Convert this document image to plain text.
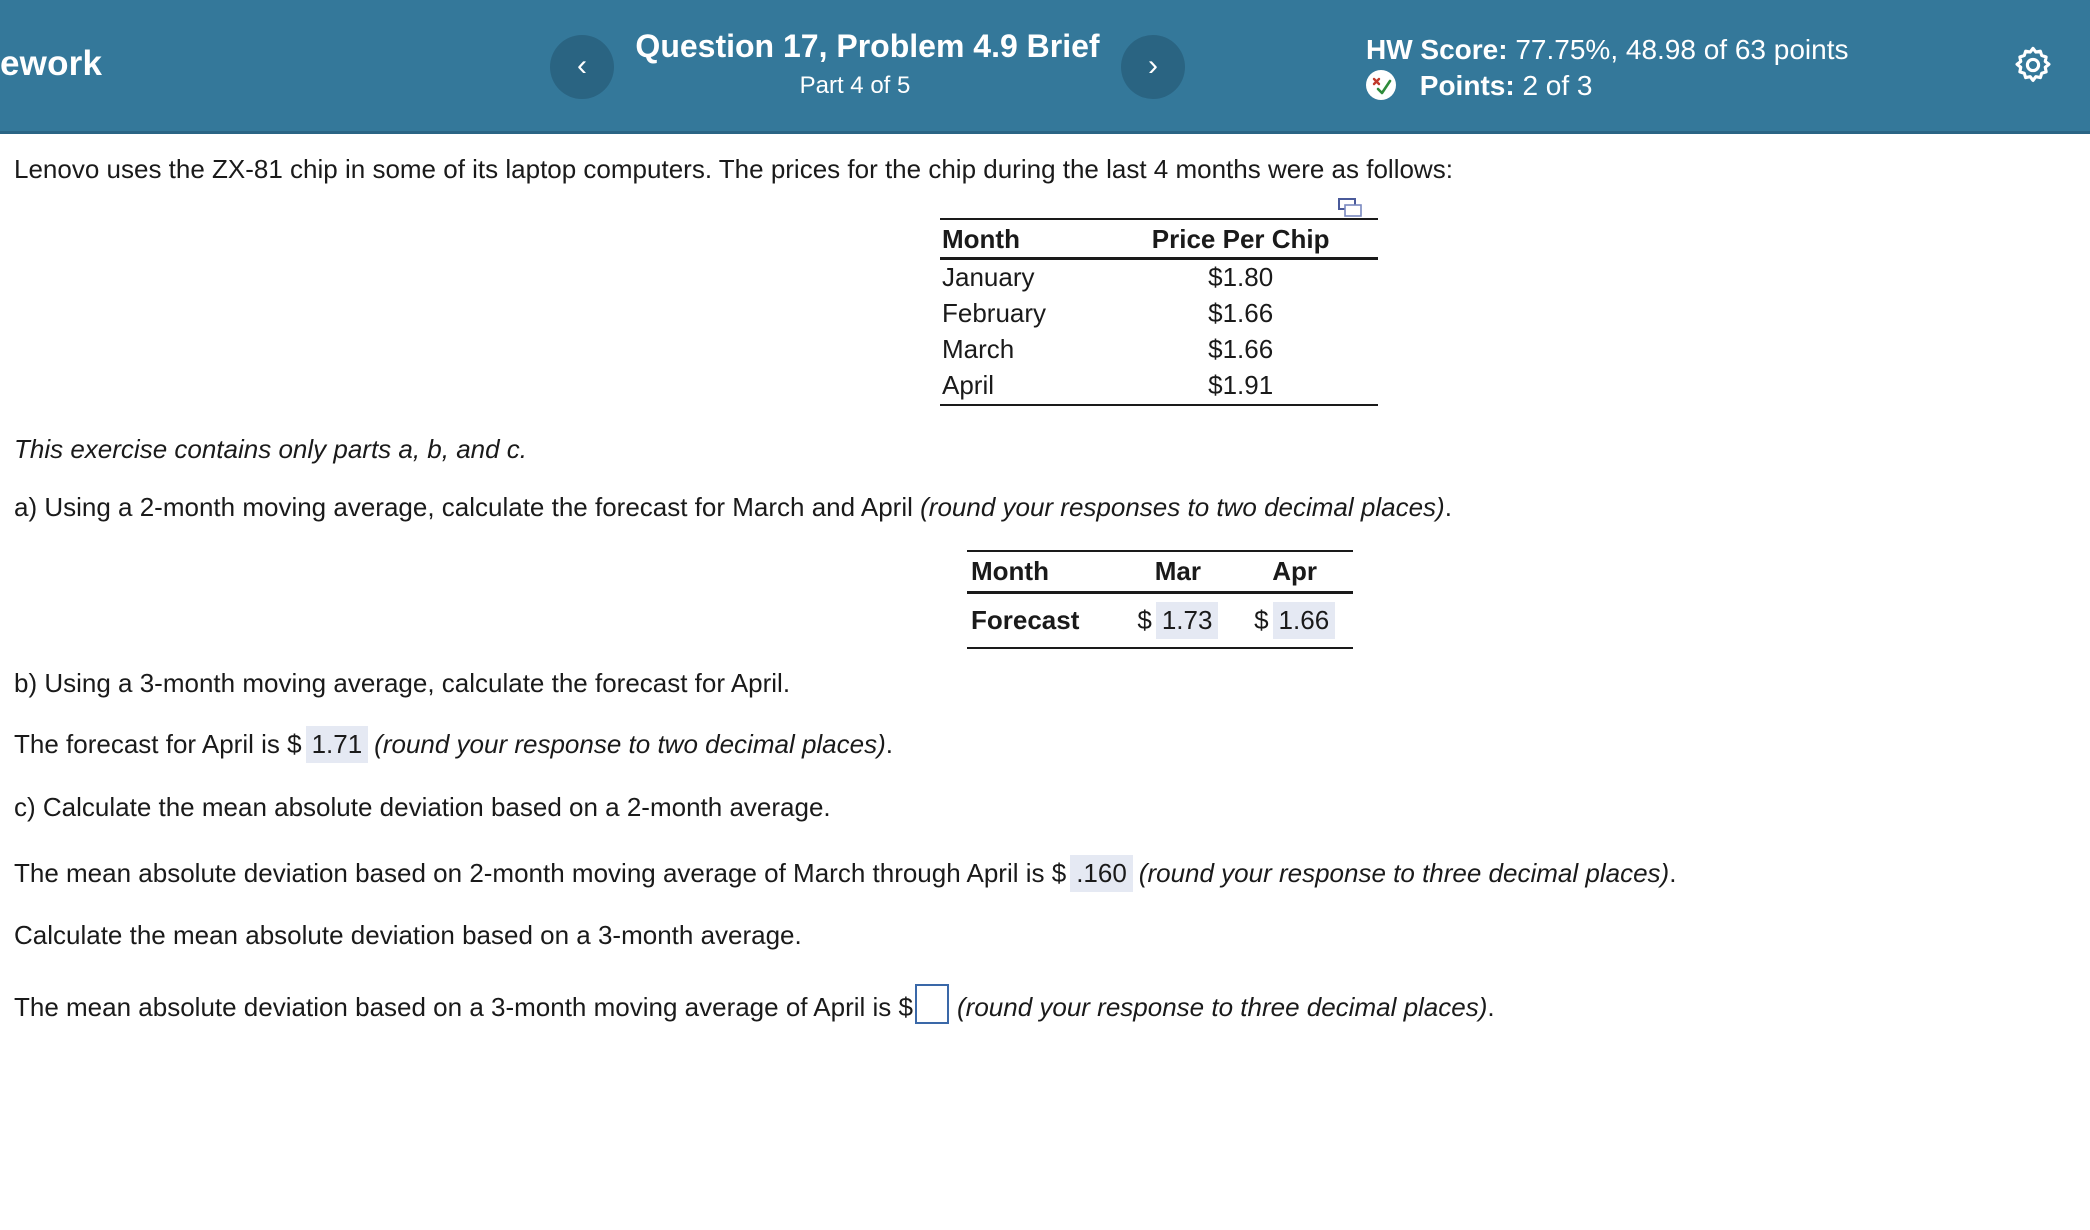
ework	‹
Question 17, Problem 4.9 Brief
Part 4 of 5
›	HW Score: 77.75%, 48.98 of 63 points
Points: 2 of 3
Lenovo uses the ZX-81 chip in some of its laptop computers. The prices for the chip during the last 4 months were as follows:
Month	Price Per Chip
January	$1.80
February	$1.66
March	$1.66
April	$1.91
This exercise contains only parts a, b, and c.
a) Using a 2-month moving average, calculate the forecast for March and April (round your responses to two decimal places).
Month	Mar	Apr
Forecast	$ 1.73	$ 1.66
b) Using a 3-month moving average, calculate the forecast for April.
The forecast for April is $ 1.71 (round your response to two decimal places).
c) Calculate the mean absolute deviation based on a 2-month average.
The mean absolute deviation based on 2-month moving average of March through April is $ .160 (round your response to three decimal places).
Calculate the mean absolute deviation based on a 3-month average.
The mean absolute deviation based on a 3-month moving average of April is $ (round your response to three decimal places).
